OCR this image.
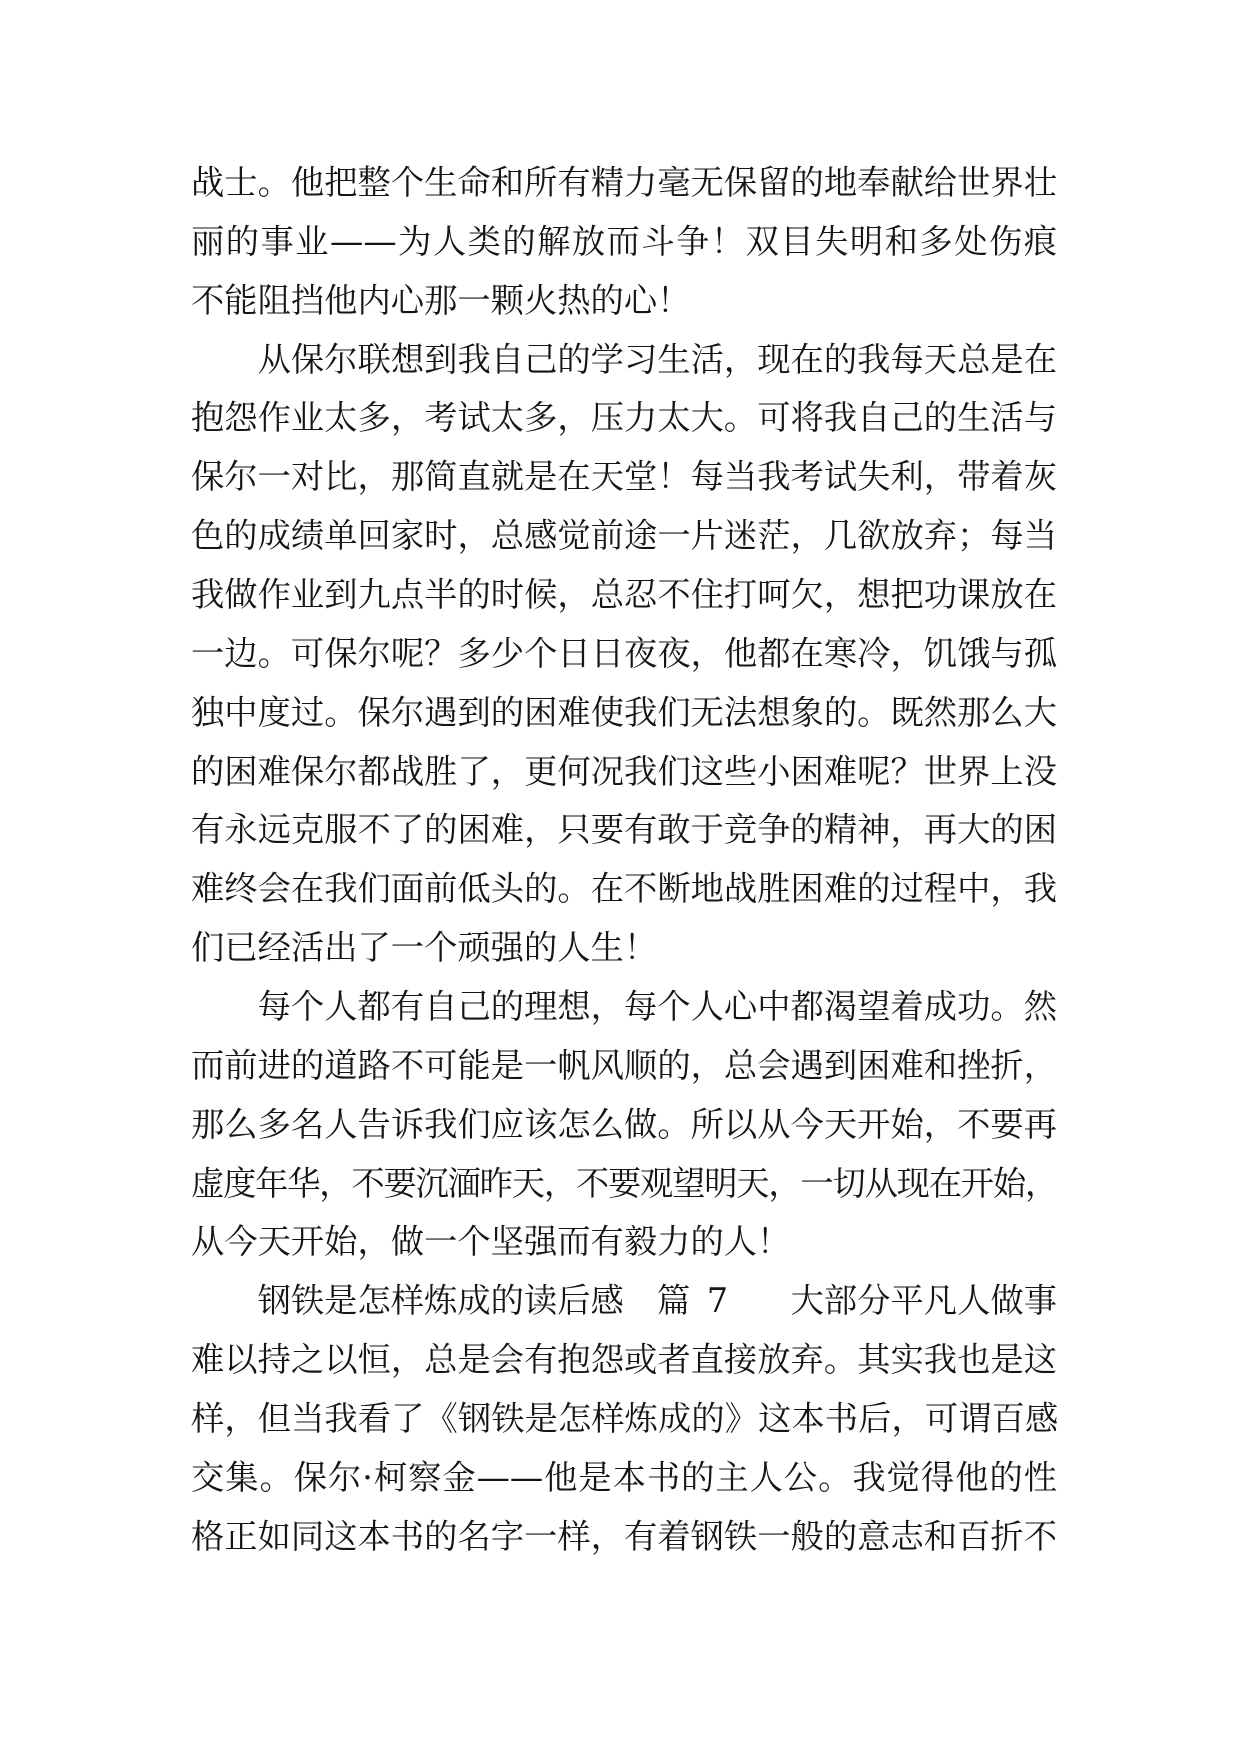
战士。他把整个生命和所有精力毫无保留的地奉献给世界壮
丽的事业——为人类的解放而斗争！双目失明和多处伤痕
不能阻挡他内心那一颗火热的心！
从保尔联想到我自己的学习生活，现在的我每天总是在
抱怨作业太多，考试太多，压力太大。可将我自己的生活与
保尔一对比，那简直就是在天堂！每当我考试失利，带着灰
色的成绩单回家时，总感觉前途一片迷茫，几欲放弃；每当
我做作业到九点半的时候，总忍不住打呵欠，想把功课放在
一边。可保尔呢？多少个日日夜夜，他都在寒冷，饥饿与孤
独中度过。保尔遇到的困难使我们无法想象的。既然那么大
的困难保尔都战胜了，更何况我们这些小困难呢？世界上没
有永远克服不了的困难，只要有敢于竞争的精神，再大的困
难终会在我们面前低头的。在不断地战胜困难的过程中，我
们已经活出了一个顽强的人生！
每个人都有自己的理想，每个人心中都渴望着成功。然
而前进的道路不可能是一帆风顺的，总会遇到困难和挫折，
那么多名人告诉我们应该怎么做。所以从今天开始，不要再
虚度年华，不要沉湎昨天，不要观望明天，一切从现在开始，
从今天开始，做一个坚强而有毅力的人！
钢铁是怎样炼成的读后感  篇 7 大部分平凡人做事
难以持之以恒，总是会有抱怨或者直接放弃。其实我也是这
样，但当我看了《钢铁是怎样炼成的》这本书后，可谓百感
交集。保尔·柯察金——他是本书的主人公。我觉得他的性
格正如同这本书的名字一样，有着钢铁一般的意志和百折不
